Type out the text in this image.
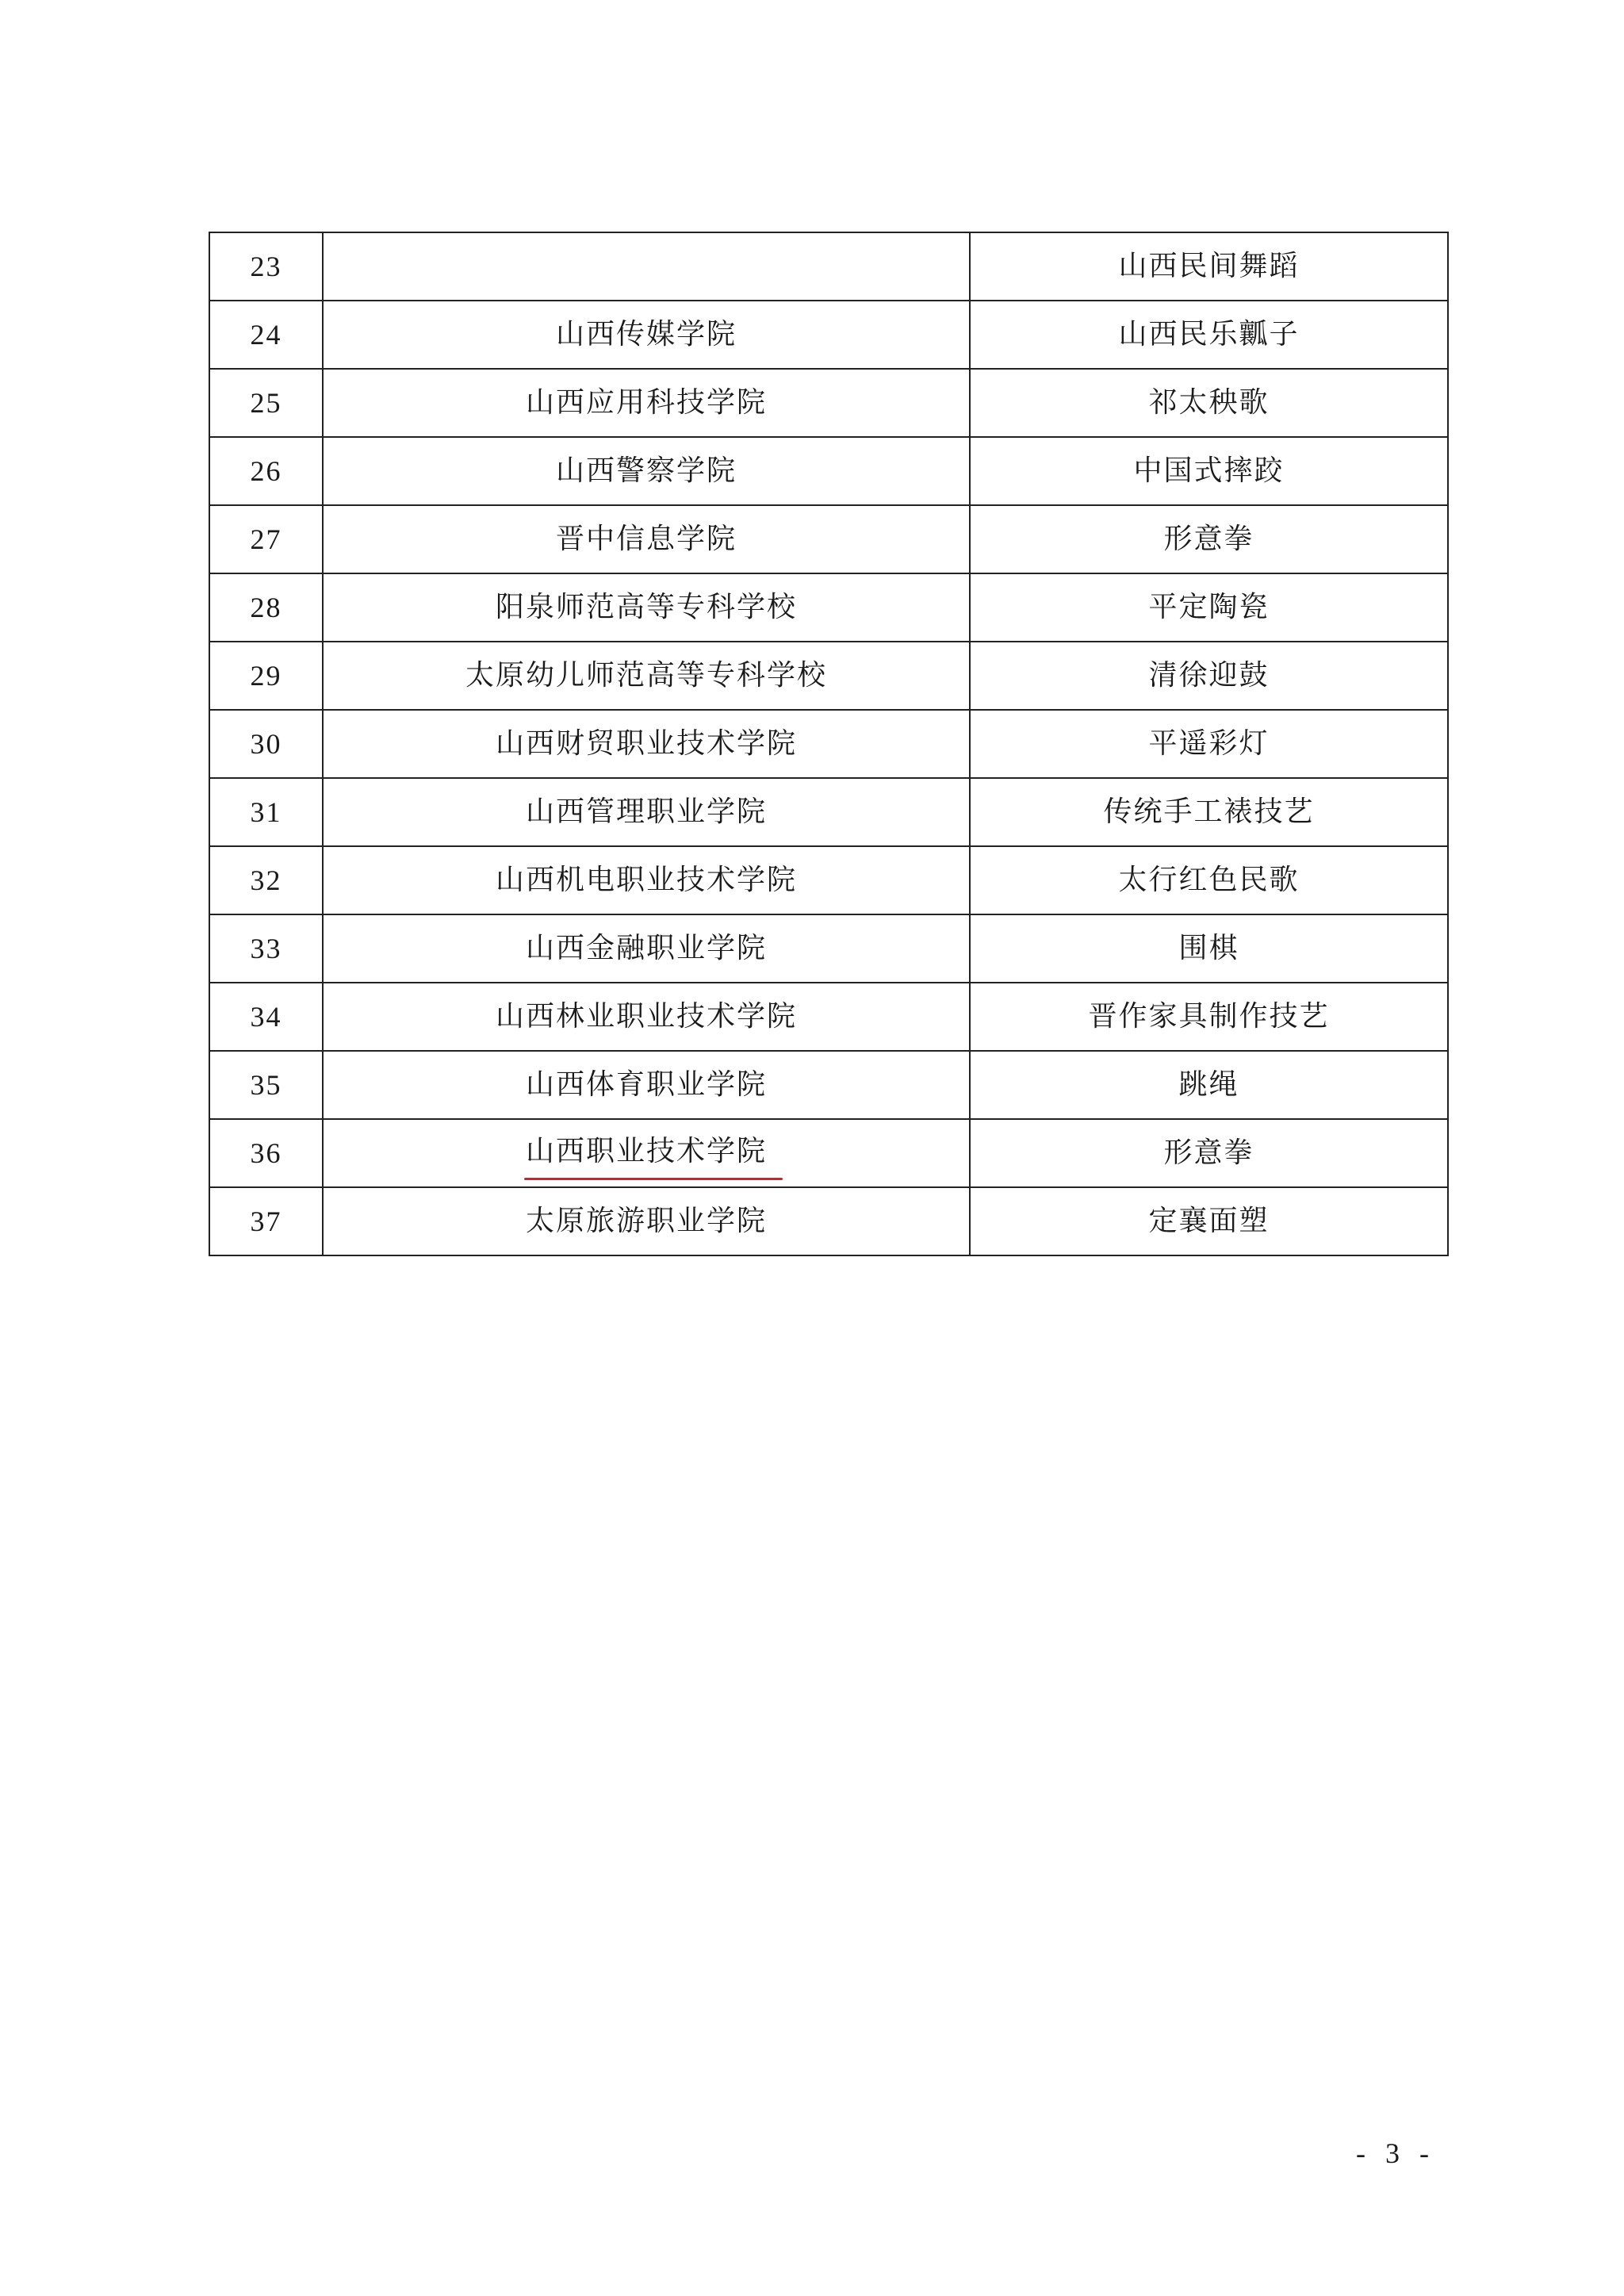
23		山西民间舞蹈
24	山西传媒学院	山西民乐瓤子
25	山西应用科技学院	祁太秧歌
26	山西警察学院	中国式摔跤
27	晋中信息学院	形意拳
28	阳泉师范高等专科学校	平定陶瓷
29	太原幼儿师范高等专科学校	清徐迎鼓
30	山西财贸职业技术学院	平遥彩灯
31	山西管理职业学院	传统手工裱技艺
32	山西机电职业技术学院	太行红色民歌
33	山西金融职业学院	围棋
34	山西林业职业技术学院	晋作家具制作技艺
35	山西体育职业学院	跳绳
36	山西职业技术学院	形意拳
37	太原旅游职业学院	定襄面塑
- 3 -
